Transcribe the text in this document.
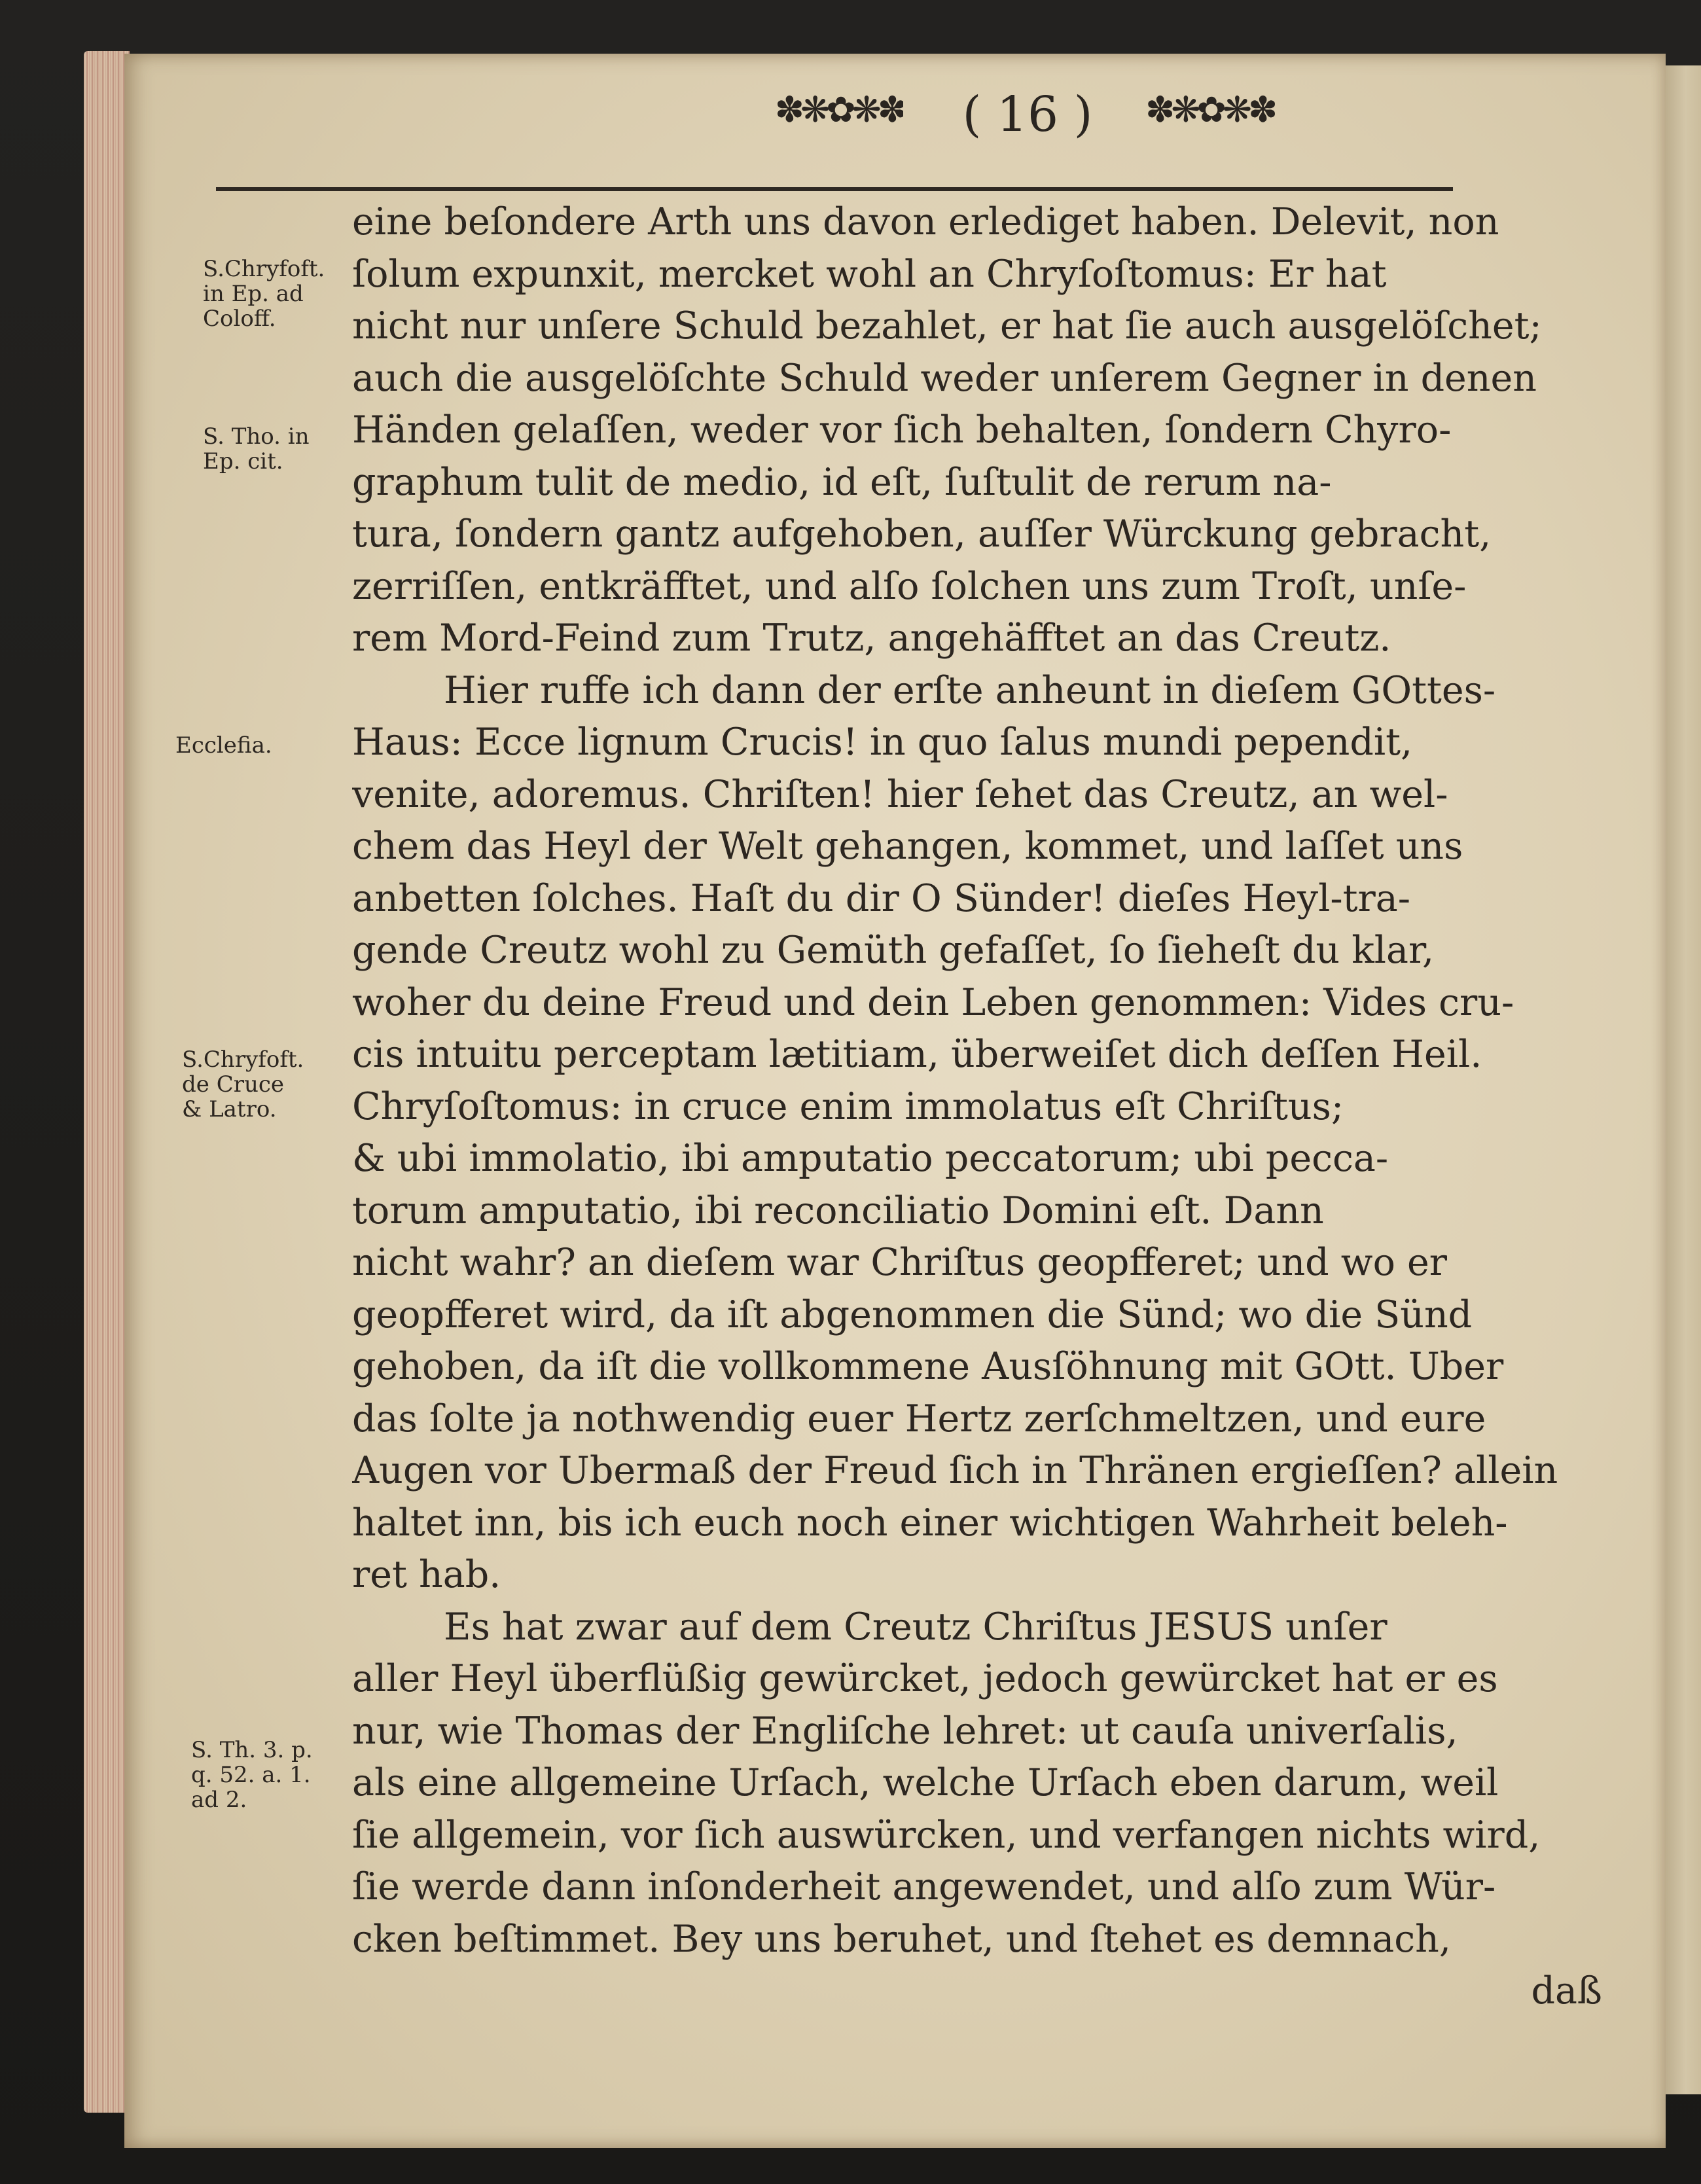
✽❋✿❋✽	( 16 )	✽❋✿❋✽
S.Chryfoft.
in Ep. ad
Coloff.
S. Tho. in
Ep. cit.
Ecclefia.
S.Chryfoft.
de Cruce
& Latro.
S. Th. 3. p.
q. 52. a. 1.
ad 2.
eine beſondere Arth uns davon erlediget haben. Delevit, non
ſolum expunxit, mercket wohl an Chryſoſtomus: Er hat
nicht nur unſere Schuld bezahlet, er hat ſie auch ausgelöſchet;
auch die ausgelöſchte Schuld weder unſerem Gegner in denen
Händen gelaſſen, weder vor ſich behalten, ſondern Chyro-
graphum tulit de medio, id eſt, ſuſtulit de rerum na-
tura, ſondern gantz aufgehoben, auſſer Würckung gebracht,
zerriſſen, entkräfftet, und alſo ſolchen uns zum Troſt, unſe-
rem Mord-Feind zum Trutz, angehäfftet an das Creutz.
Hier ruffe ich dann der erſte anheunt in dieſem GOttes-
Haus: Ecce lignum Crucis! in quo ſalus mundi pependit,
venite, adoremus. Chriſten! hier ſehet das Creutz, an wel-
chem das Heyl der Welt gehangen, kommet, und laſſet uns
anbetten ſolches. Haſt du dir O Sünder! dieſes Heyl-tra-
gende Creutz wohl zu Gemüth gefaſſet, ſo ſieheſt du klar,
woher du deine Freud und dein Leben genommen: Vides cru-
cis intuitu perceptam lætitiam, überweiſet dich deſſen Heil.
Chryſoſtomus: in cruce enim immolatus eſt Chriſtus;
& ubi immolatio, ibi amputatio peccatorum; ubi pecca-
torum amputatio, ibi reconciliatio Domini eſt. Dann
nicht wahr? an dieſem war Chriſtus geopfferet; und wo er
geopfferet wird, da iſt abgenommen die Sünd; wo die Sünd
gehoben, da iſt die vollkommene Ausſöhnung mit GOtt. Uber
das ſolte ja nothwendig euer Hertz zerſchmeltzen, und eure
Augen vor Ubermaß der Freud ſich in Thränen ergieſſen? allein
haltet inn, bis ich euch noch einer wichtigen Wahrheit beleh-
ret hab.
Es hat zwar auf dem Creutz Chriſtus JESUS unſer
aller Heyl überflüßig gewürcket, jedoch gewürcket hat er es
nur, wie Thomas der Engliſche lehret: ut cauſa univerſalis,
als eine allgemeine Urſach, welche Urſach eben darum, weil
ſie allgemein, vor ſich auswürcken, und verfangen nichts wird,
ſie werde dann inſonderheit angewendet, und alſo zum Wür-
cken beſtimmet. Bey uns beruhet, und ſtehet es demnach,
daß
